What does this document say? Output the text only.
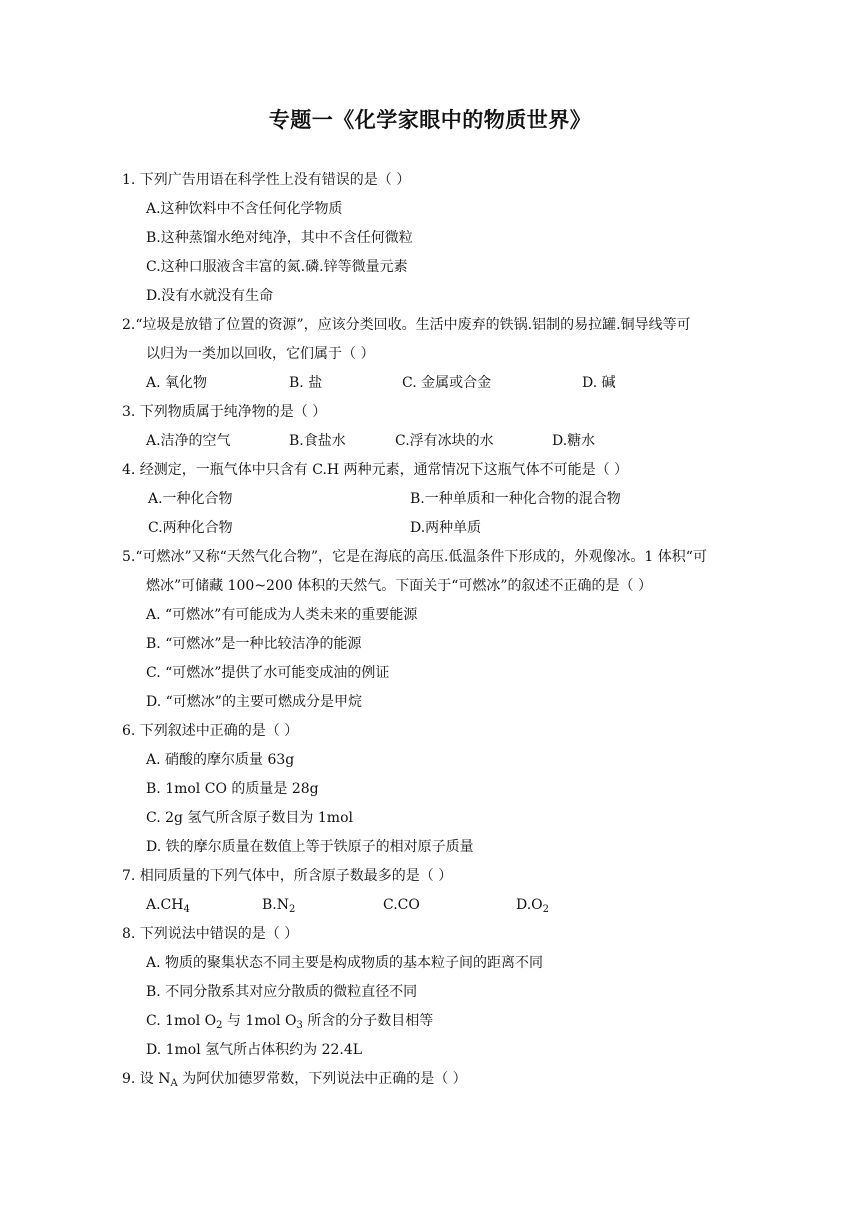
专题一《化学家眼中的物质世界》
1. 下列广告用语在科学性上没有错误的是（ ）
A.这种饮料中不含任何化学物质
B.这种蒸馏水绝对纯净，其中不含任何微粒
C.这种口服液含丰富的氮.磷.锌等微量元素
D.没有水就没有生命
2.“垃圾是放错了位置的资源”，应该分类回收。生活中废弃的铁锅.铝制的易拉罐.铜导线等可
以归为一类加以回收，它们属于（ ）
A. 氧化物	B. 盐	C. 金属或合金	D. 碱
3. 下列物质属于纯净物的是（ ）
A.洁净的空气	B.食盐水	C.浮有冰块的水	D.糖水
4. 经测定，一瓶气体中只含有 C.H 两种元素，通常情况下这瓶气体不可能是（ ）
A.一种化合物	B.一种单质和一种化合物的混合物
C.两种化合物	D.两种单质
5.“可燃冰”又称“天然气化合物”，它是在海底的高压.低温条件下形成的，外观像冰。1 体积“可
燃冰”可储藏 100~200 体积的天然气。下面关于“可燃冰”的叙述不正确的是（ ）
A. “可燃冰”有可能成为人类未来的重要能源
B. “可燃冰”是一种比较洁净的能源
C. “可燃冰”提供了水可能变成油的例证
D. “可燃冰”的主要可燃成分是甲烷
6. 下列叙述中正确的是（ ）
A. 硝酸的摩尔质量 63g
B. 1mol CO 的质量是 28g
C. 2g 氢气所含原子数目为 1mol
D. 铁的摩尔质量在数值上等于铁原子的相对原子质量
7. 相同质量的下列气体中，所含原子数最多的是（ ）
$A.CH_4$	$B.N_2$	C.CO	$D.O_2$
8. 下列说法中错误的是（ ）
A. 物质的聚集状态不同主要是构成物质的基本粒子间的距离不同
B. 不同分散系其对应分散质的微粒直径不同
C. 1mol $O_2$ 与 1mol $O_3$ 所含的分子数目相等
D. 1mol 氢气所占体积约为 22.4L
9. 设 $N_A$ 为阿伏加德罗常数，下列说法中正确的是（ ）
